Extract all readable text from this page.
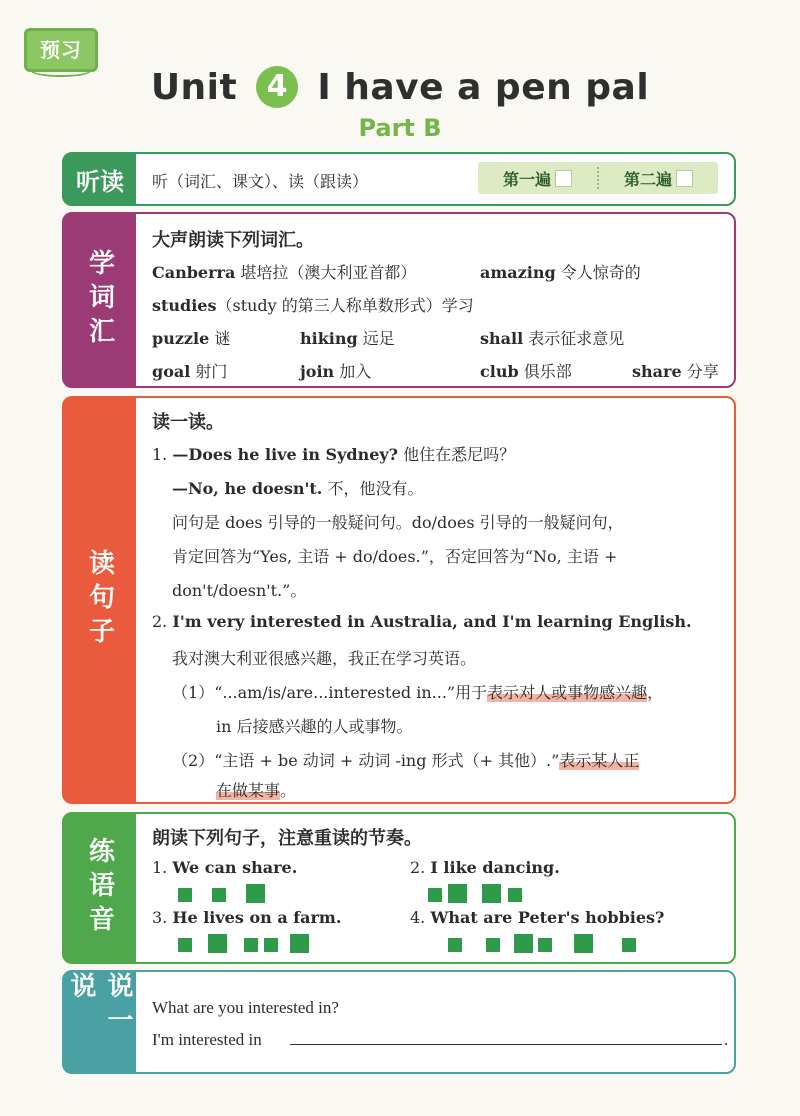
预习
Unit 4 I have a pen pal
Part B
听读	听（词汇、课文）、读（跟读）	第一遍	第二遍
学词汇
大声朗读下列词汇。
Canberra 堪培拉（澳大利亚首都）	amazing 令人惊奇的
studies（study 的第三人称单数形式）学习
puzzle 谜	hiking 远足	shall 表示征求意见
goal 射门	join 加入	club 俱乐部	share 分享
读句子
读一读。
1. —Does he live in Sydney? 他住在悉尼吗？
—No, he doesn't. 不，他没有。
问句是 does 引导的一般疑问句。do/does 引导的一般疑问句，
肯定回答为“Yes, 主语 + do/does.”，否定回答为“No, 主语 +
don't/doesn't.”。
2. I'm very interested in Australia, and I'm learning English.
我对澳大利亚很感兴趣，我正在学习英语。
（1）“...am/is/are...interested in...”用于表示对人或事物感兴趣，
in 后接感兴趣的人或事物。
（2）“主语 + be 动词 + 动词 -ing 形式（+ 其他）.”表示某人正
在做某事。
练语音	朗读下列句子，注意重读的节奏。
1. We can share.	2. I like dancing.
3. He lives on a farm.	4. What are Peter's hobbies?
说一说
What are you interested in?
I'm interested in	.
